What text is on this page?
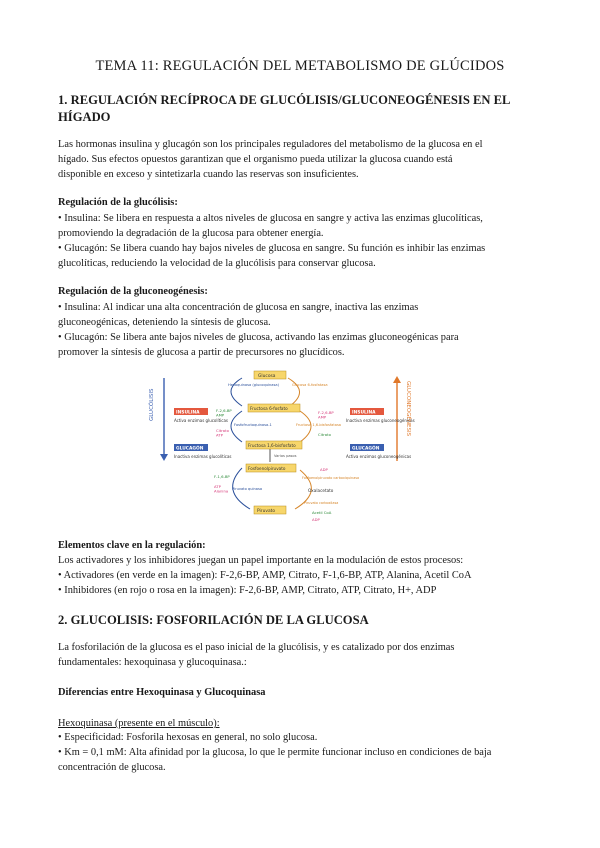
TEMA 11: REGULACIÓN DEL METABOLISMO DE GLÚCIDOS
1. REGULACIÓN RECÍPROCA DE GLUCÓLISIS/GLUCONEOGÉNESIS EN EL
HÍGADO
Las hormonas insulina y glucagón son los principales reguladores del metabolismo de la glucosa en el
hígado. Sus efectos opuestos garantizan que el organismo pueda utilizar la glucosa cuando está
disponible en exceso y sintetizarla cuando las reservas son insuficientes.
Regulación de la glucólisis:
• Insulina: Se libera en respuesta a altos niveles de glucosa en sangre y activa las enzimas glucolíticas,
promoviendo la degradación de la glucosa para obtener energía.
• Glucagón: Se libera cuando hay bajos niveles de glucosa en sangre. Su función es inhibir las enzimas
glucolíticas, reduciendo la velocidad de la glucólisis para conservar glucosa.
Regulación de la gluconeogénesis:
• Insulina: Al indicar una alta concentración de glucosa en sangre, inactiva las enzimas
gluconeogénicas, deteniendo la síntesis de glucosa.
• Glucagón: Se libera ante bajos niveles de glucosa, activando las enzimas gluconeogénicas para
promover la síntesis de glucosa a partir de precursores no glucídicos.
GLUCÓLISIS	GLUCONEOGÉNESIS
INSULINA
Activa enzimas glucolíticas
GLUCAGÓN
Inactiva enzimas glucolíticas
INSULINA
Inactiva enzimas gluconeogénicas
GLUCAGÓN
Activa enzimas gluconeogénicas
Glucosa
Fructosa 6-fosfato
Fructosa 1,6-bisfosfato
Fosfoenolpiruvato
Piruvato
Oxalacetato
Hexoquinasa (glucoquinasa)	Glucosa 6-fosfatasa
Fosfofructoquinasa-1	Fructosa 1,6-bisfosfatasa
Varios pasos
Piruvato quinasa
Fosfoenolpiruvato carboxiquinasa
Piruvato carboxilasa
F-2,6-BP AMP
Citrato ATP
F-2,6-BP AMP
Citrato
F-1,6-BP
ATP Alanina
ADP
Acetil CoA
ADP
Elementos clave en la regulación:
Los activadores y los inhibidores juegan un papel importante en la modulación de estos procesos:
• Activadores (en verde en la imagen): F-2,6-BP, AMP, Citrato, F-1,6-BP, ATP, Alanina, Acetil CoA
• Inhibidores (en rojo o rosa en la imagen): F-2,6-BP, AMP, Citrato, ATP, Citrato, H+, ADP
2. GLUCOLISIS: FOSFORILACIÓN DE LA GLUCOSA
La fosforilación de la glucosa es el paso inicial de la glucólisis, y es catalizado por dos enzimas
fundamentales: hexoquinasa y glucoquinasa.:
Diferencias entre Hexoquinasa y Glucoquinasa
Hexoquinasa (presente en el músculo):
• Especificidad: Fosforila hexosas en general, no solo glucosa.
• Km = 0,1 mM: Alta afinidad por la glucosa, lo que le permite funcionar incluso en condiciones de baja
concentración de glucosa.
